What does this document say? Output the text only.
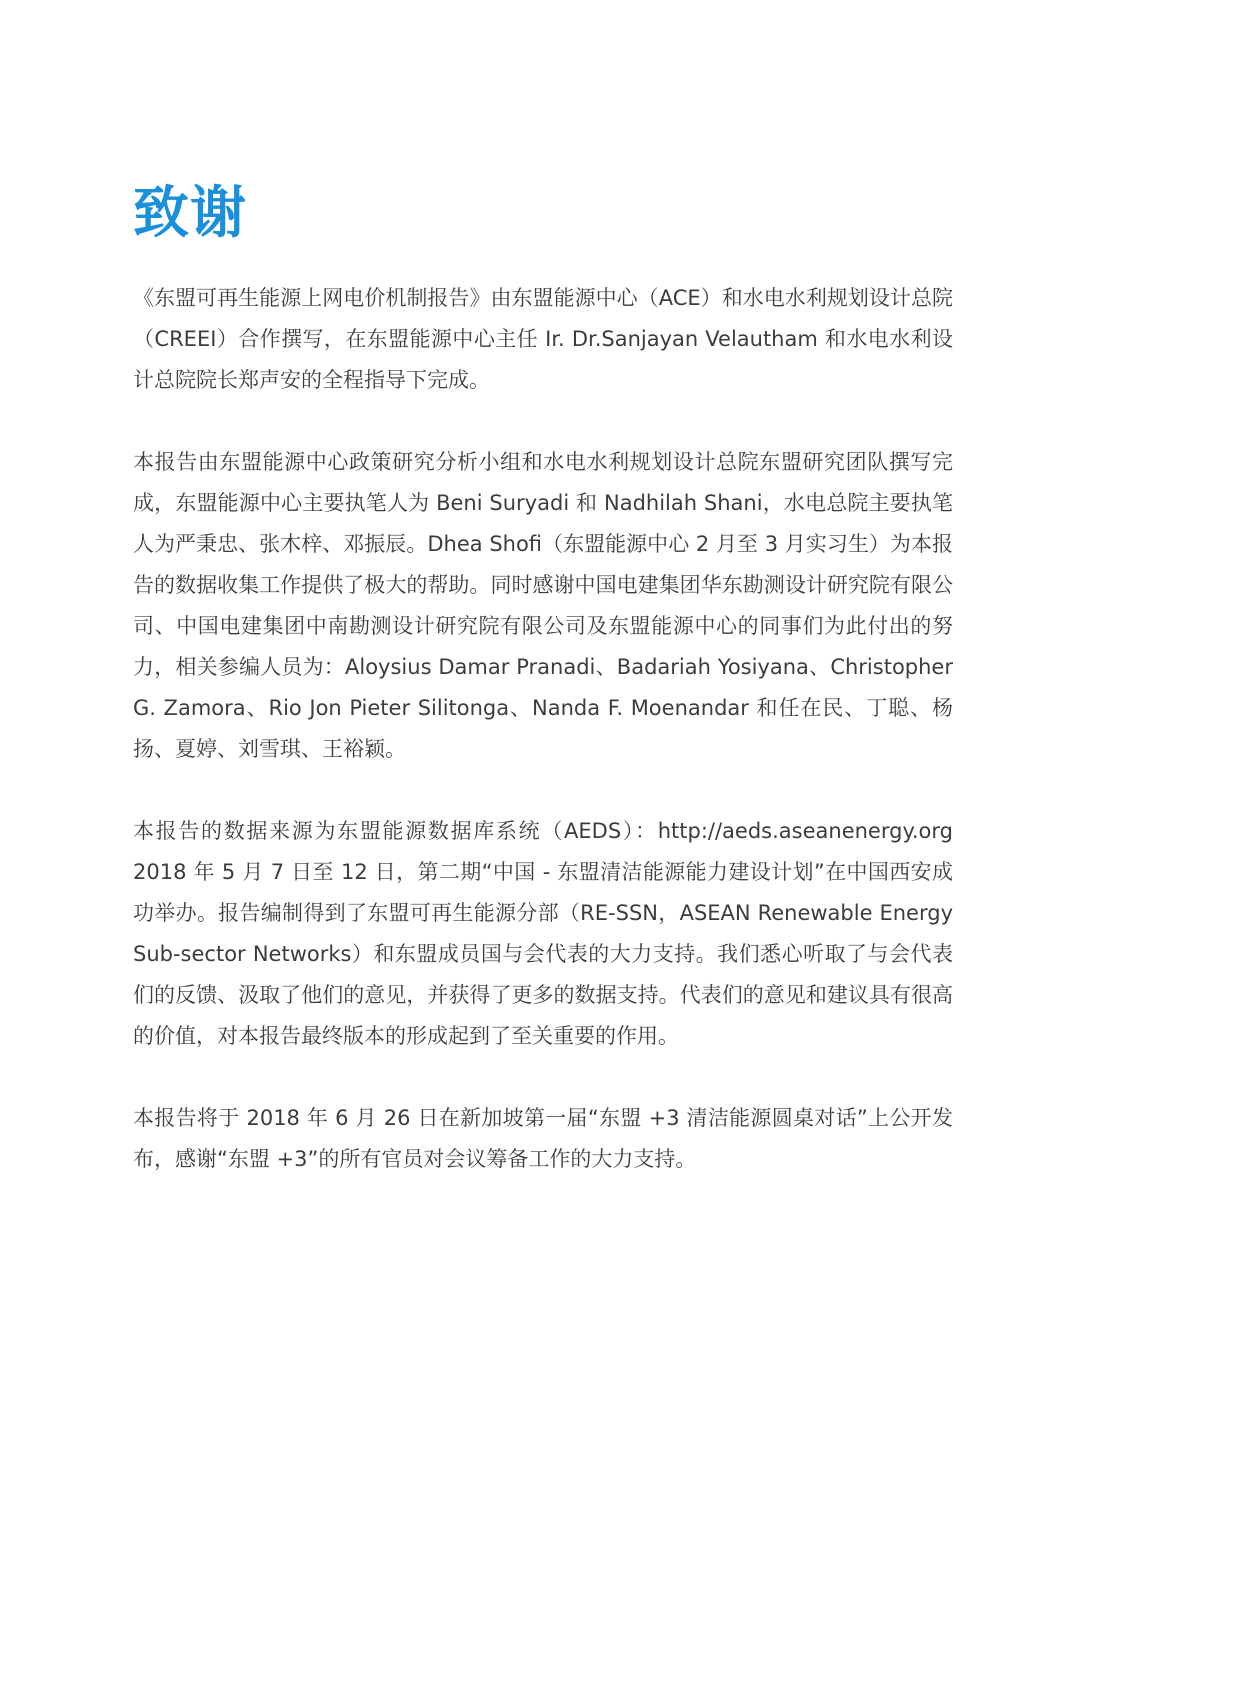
致谢

《东盟可再生能源上网电价机制报告》由东盟能源中心（ACE）和水电水利规划设计总院（CREEI）合作撰写，在东盟能源中心主任 Ir. Dr.Sanjayan Velautham 和水电水利设计总院院长郑声安的全程指导下完成。

本报告由东盟能源中心政策研究分析小组和水电水利规划设计总院东盟研究团队撰写完成，东盟能源中心主要执笔人为 Beni Suryadi 和 Nadhilah Shani，水电总院主要执笔人为严秉忠、张木梓、邓振辰。Dhea Shofi（东盟能源中心 2 月至 3 月实习生）为本报告的数据收集工作提供了极大的帮助。同时感谢中国电建集团华东勘测设计研究院有限公司、中国电建集团中南勘测设计研究院有限公司及东盟能源中心的同事们为此付出的努力，相关参编人员为：Aloysius Damar Pranadi、Badariah Yosiyana、Christopher G. Zamora、Rio Jon Pieter Silitonga、Nanda F. Moenandar 和任在民、丁聪、杨扬、夏婷、刘雪琪、王裕颖。

本报告的数据来源为东盟能源数据库系统（AEDS）：http://aeds.aseanenergy.org 2018 年 5 月 7 日至 12 日，第二期“中国 - 东盟清洁能源能力建设计划”在中国西安成功举办。报告编制得到了东盟可再生能源分部（RE-SSN，ASEAN Renewable Energy Sub-sector Networks）和东盟成员国与会代表的大力支持。我们悉心听取了与会代表们的反馈、汲取了他们的意见，并获得了更多的数据支持。代表们的意见和建议具有很高的价值，对本报告最终版本的形成起到了至关重要的作用。

本报告将于 2018 年 6 月 26 日在新加坡第一届“东盟 +3 清洁能源圆桌对话”上公开发布，感谢“东盟 +3”的所有官员对会议筹备工作的大力支持。
